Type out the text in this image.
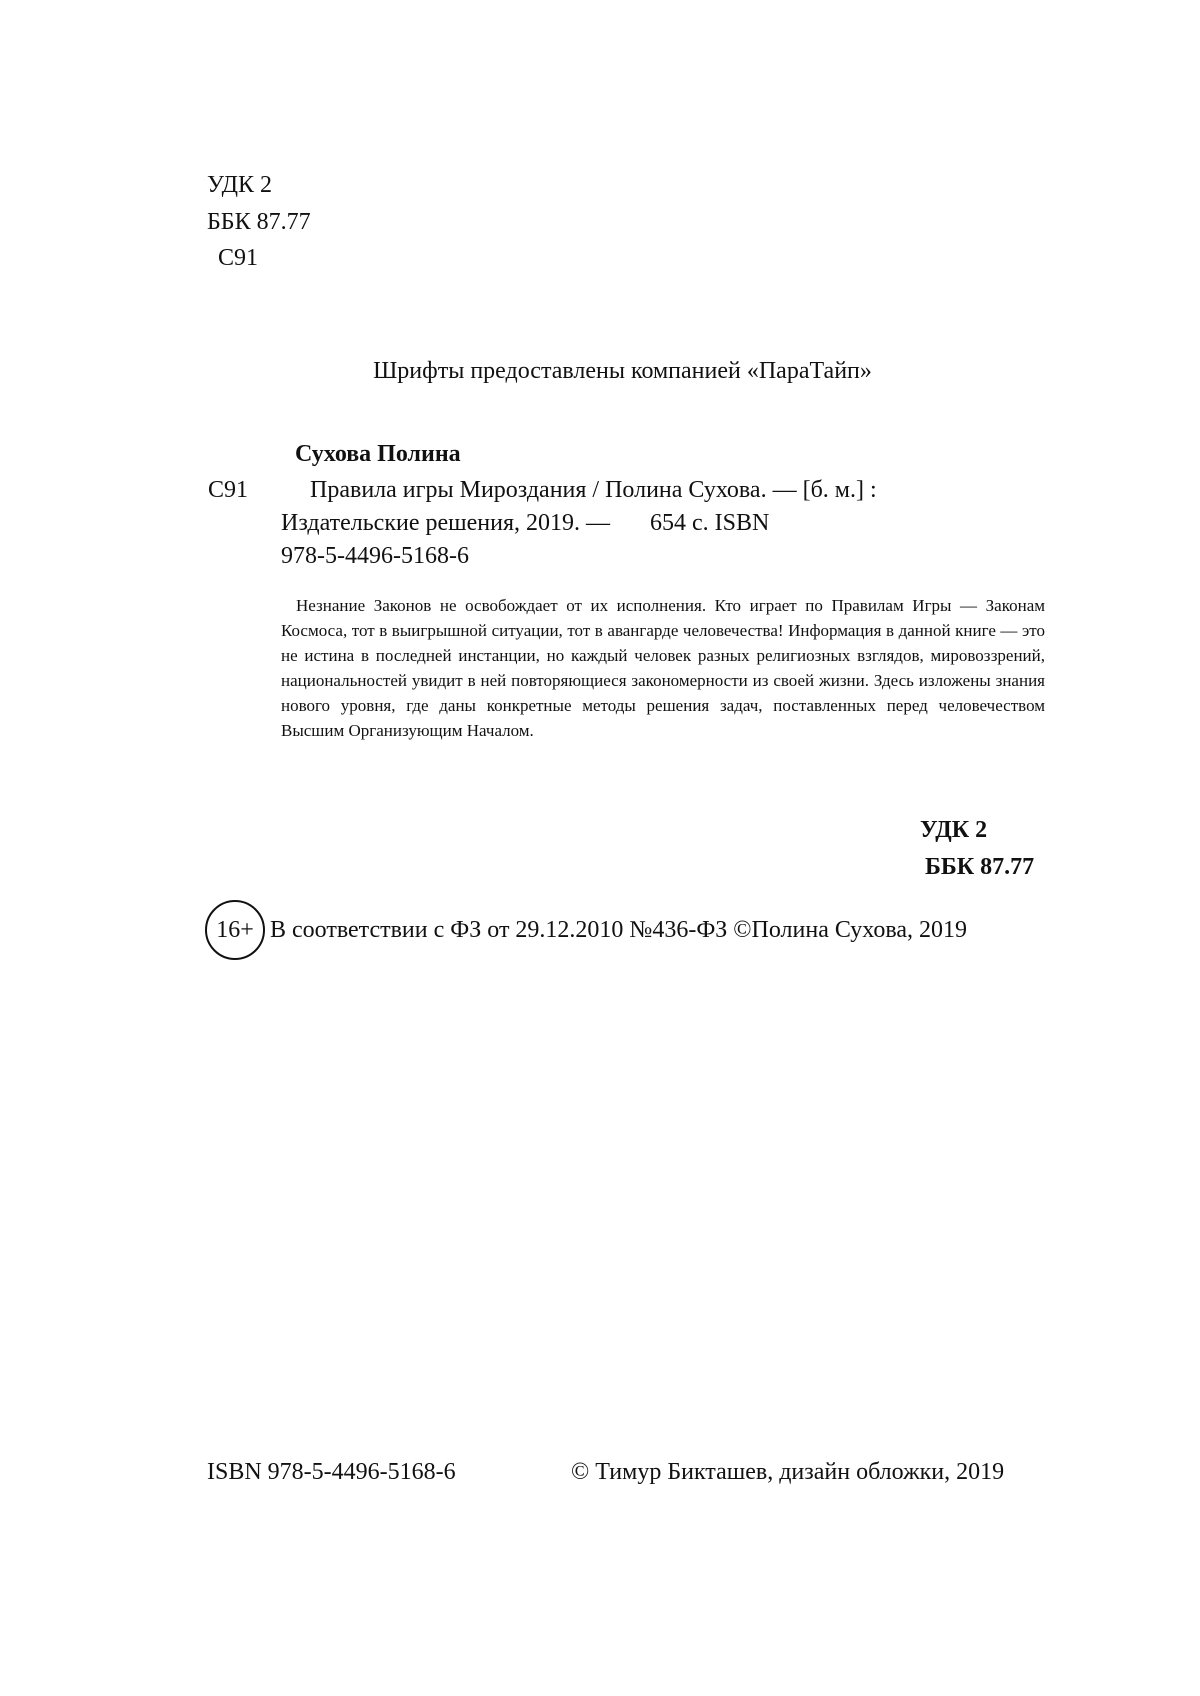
УДК 2
ББК 87.77
С91
Шрифты предоставлены компанией «ПараТайп»
Сухова Полина
С91	Правила игры Мироздания / Полина Сухова. — [б. м.] :
Издательские решения, 2019. — 654 с. ISBN
978-5-4496-5168-6
Незнание Законов не освобождает от их исполнения. Кто играет по Правилам Игры — Законам Космоса, тот в выигрышной ситуации, тот в авангарде человечества! Информация в данной книге — это не истина в последней инстанции, но каждый человек разных религиозных взглядов, мировоззрений, национальностей увидит в ней повторяющиеся закономерности из своей жизни. Здесь изложены знания нового уровня, где даны конкретные методы решения задач, поставленных перед человечеством Высшим Организующим Началом.
УДК 2
ББК 87.77
16+ В соответствии с ФЗ от 29.12.2010 №436-ФЗ ©Полина Сухова, 2019
ISBN 978-5-4496-5168-6	© Тимур Бикташев, дизайн обложки, 2019
